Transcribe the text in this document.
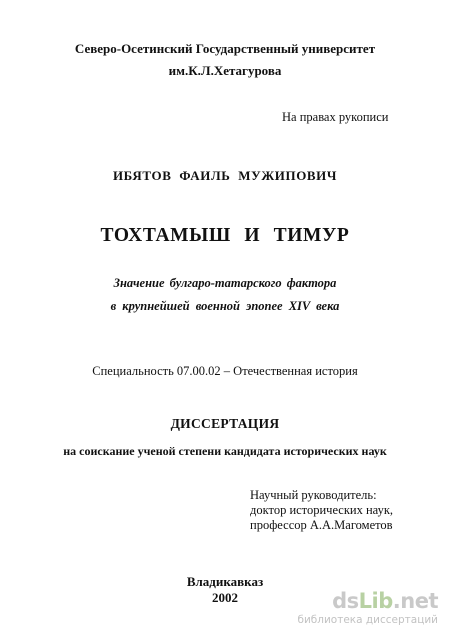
Северо-Осетинский Государственный университет
им.К.Л.Хетагурова
На правах рукописи
ИБЯТОВ ФАИЛЬ МУЖИПОВИЧ
ТОХТАМЫШ И ТИМУР
Значение булгаро-татарского фактора
в крупнейшей военной эпопее XIV века
Специальность 07.00.02 – Отечественная история
ДИССЕРТАЦИЯ
на соискание ученой степени кандидата исторических наук
Научный руководитель:
доктор исторических наук,
профессор А.А.Магометов
Владикавказ
2002	dsLib.net
библиотека диссертаций
